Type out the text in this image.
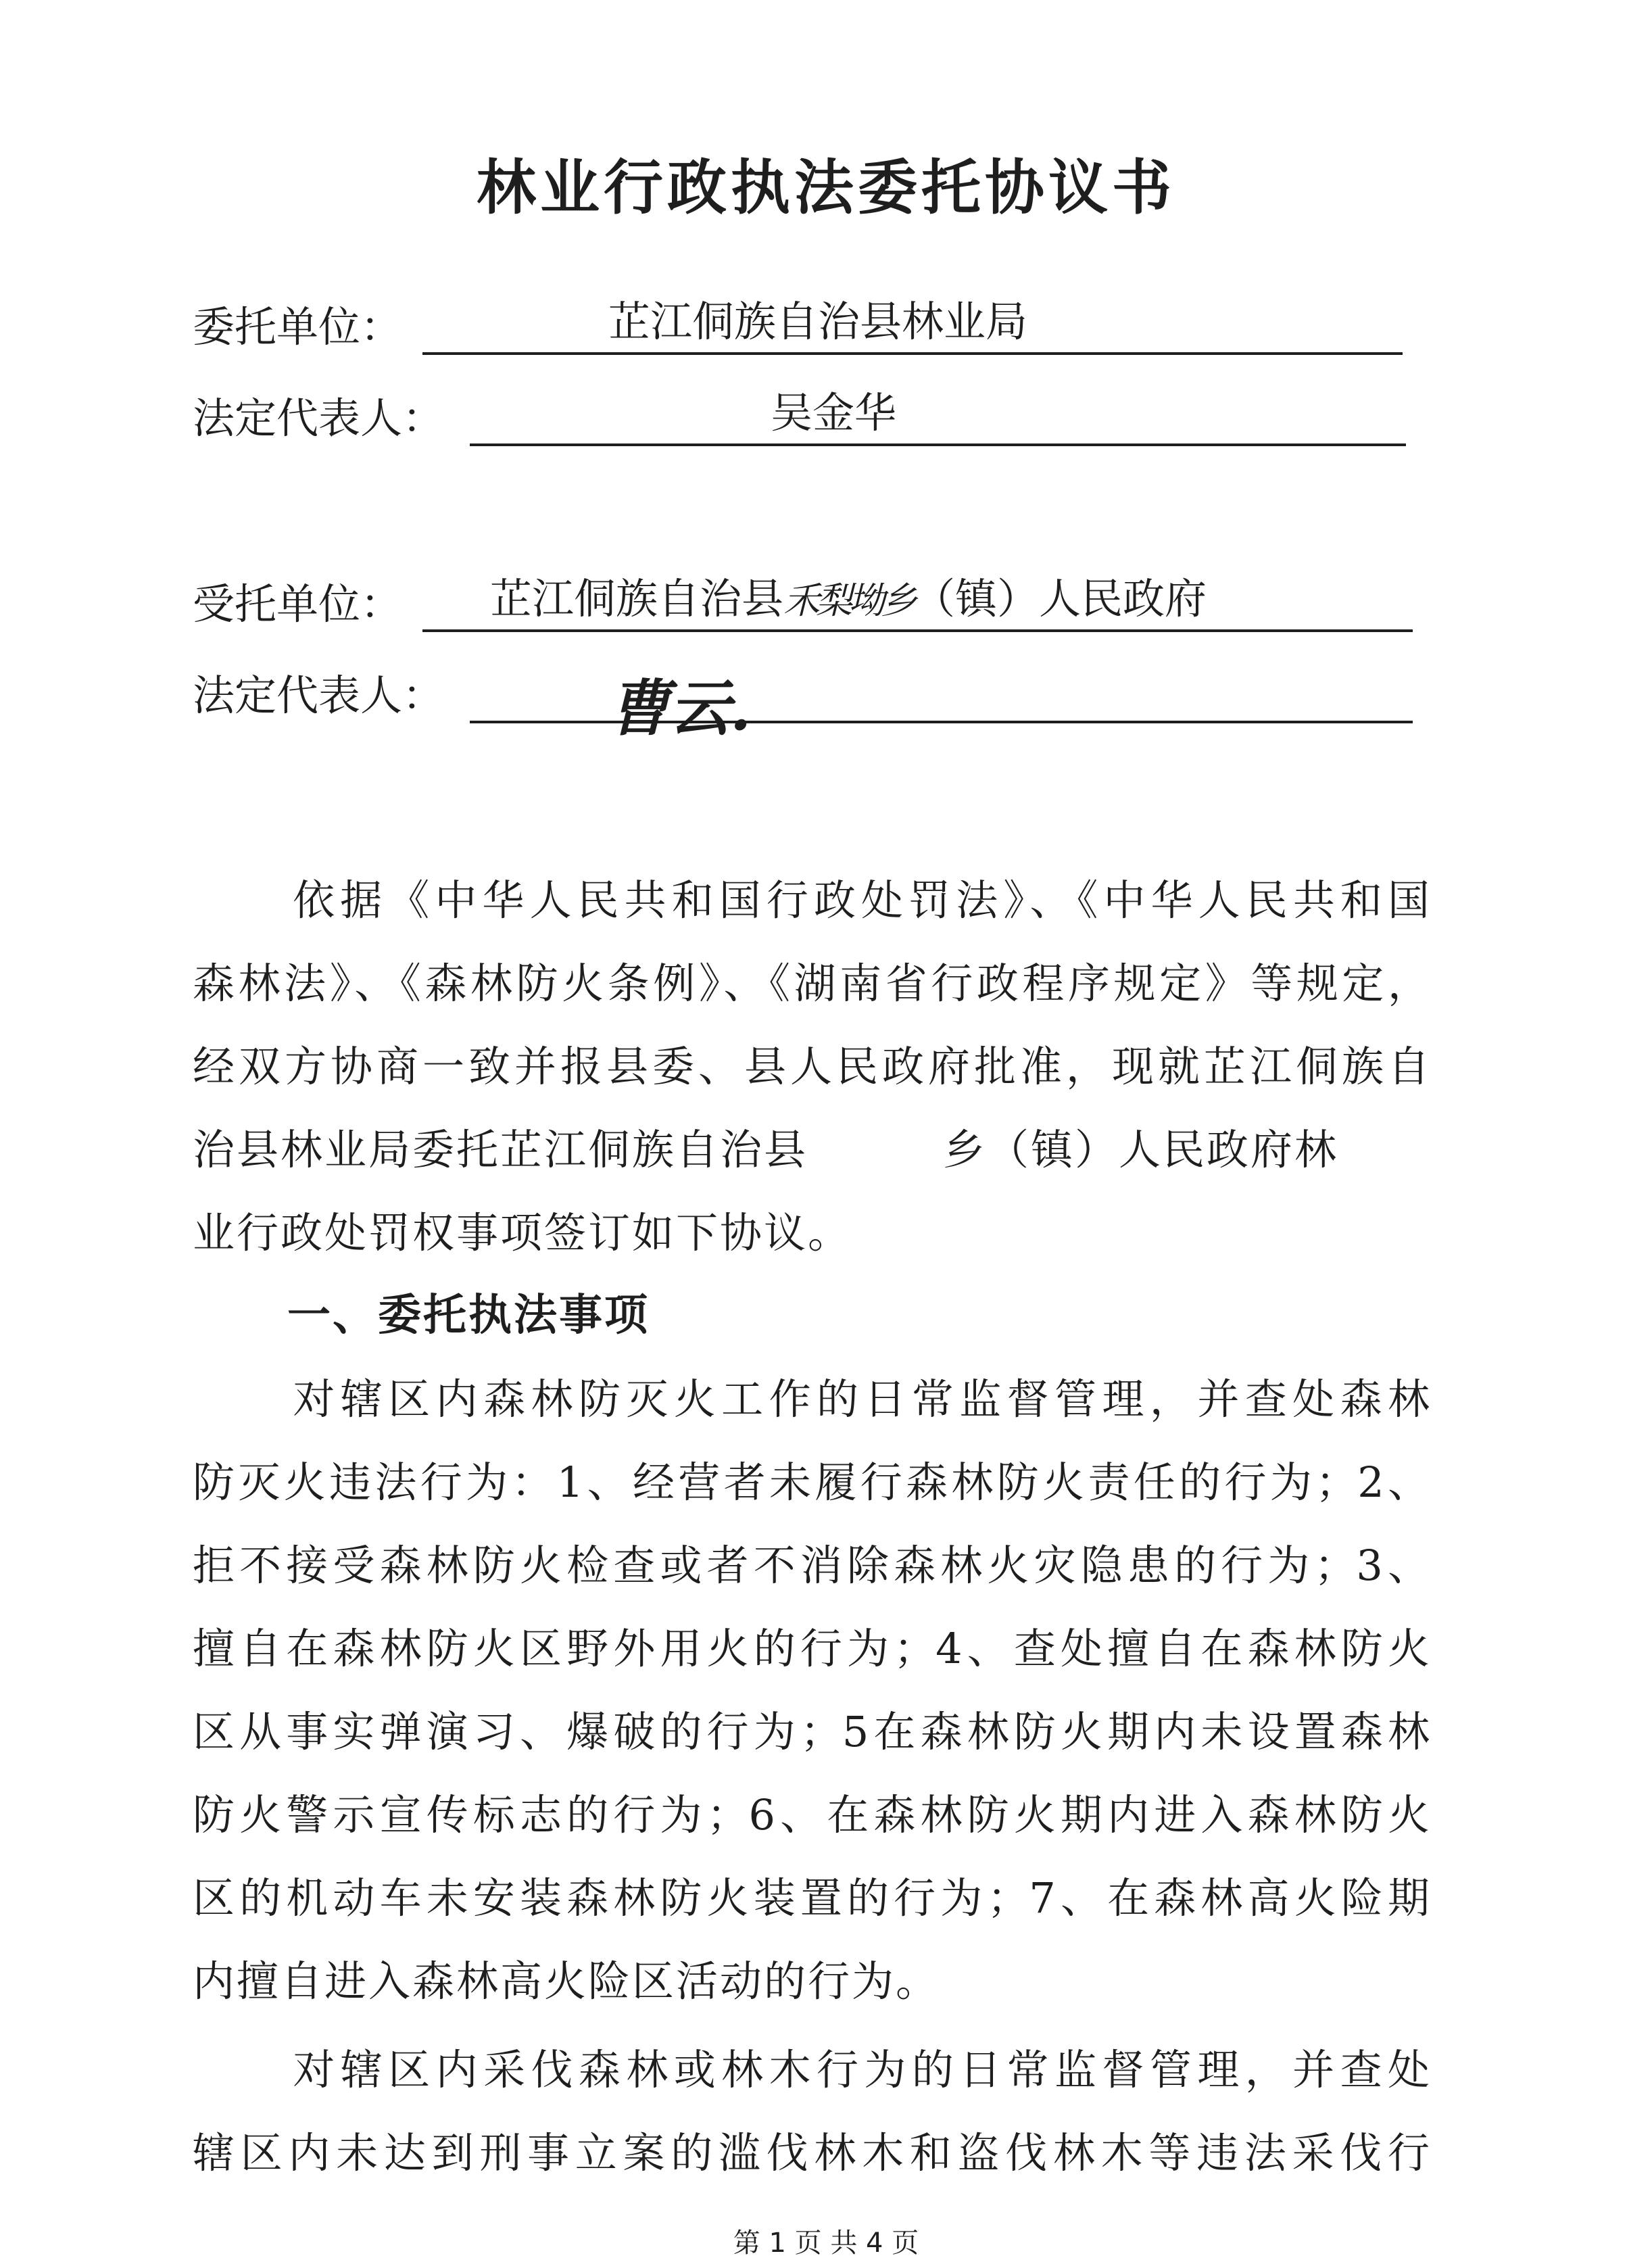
林业行政执法委托协议书
委托单位：	芷江侗族自治县林业局
法定代表人：	吴金华
受托单位： 芷江侗族自治县禾梨坳乡（镇）人民政府
法定代表人：	曹云.
依据《中华人民共和国行政处罚法》、《中华人民共和国
森林法》、《森林防火条例》、《湖南省行政程序规定》等规定，
经双方协商一致并报县委、县人民政府批准，现就芷江侗族自
治县林业局委托芷江侗族自治县	乡（镇）人民政府林
业行政处罚权事项签订如下协议。
一、委托执法事项
对辖区内森林防灭火工作的日常监督管理，并查处森林
防灭火违法行为：1、经营者未履行森林防火责任的行为；2、
拒不接受森林防火检查或者不消除森林火灾隐患的行为；3、
擅自在森林防火区野外用火的行为；4、查处擅自在森林防火
区从事实弹演习、爆破的行为；5在森林防火期内未设置森林
防火警示宣传标志的行为；6、在森林防火期内进入森林防火
区的机动车未安装森林防火装置的行为；7、在森林高火险期
内擅自进入森林高火险区活动的行为。
对辖区内采伐森林或林木行为的日常监督管理，并查处
辖区内未达到刑事立案的滥伐林木和盗伐林木等违法采伐行
第 1 页 共 4 页
